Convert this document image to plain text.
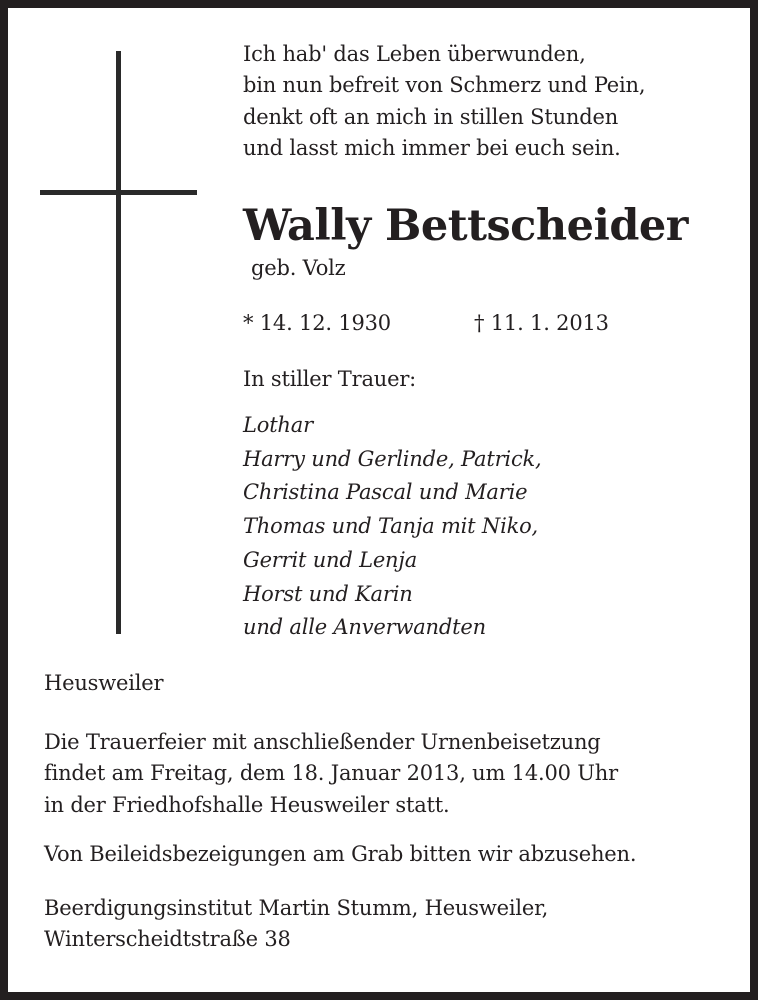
Ich hab' das Leben überwunden,
bin nun befreit von Schmerz und Pein,
denkt oft an mich in stillen Stunden
und lasst mich immer bei euch sein.
Wally Bettscheider
geb. Volz
* 14. 12. 1930	† 11. 1. 2013
In stiller Trauer:
Lothar
Harry und Gerlinde, Patrick,
Christina Pascal und Marie
Thomas und Tanja mit Niko,
Gerrit und Lenja
Horst und Karin
und alle Anverwandten
Heusweiler
Die Trauerfeier mit anschließender Urnenbeisetzung
findet am Freitag, dem 18. Januar 2013, um 14.00 Uhr
in der Friedhofshalle Heusweiler statt.
Von Beileidsbezeigungen am Grab bitten wir abzusehen.
Beerdigungsinstitut Martin Stumm, Heusweiler,
Winterscheidtstraße 38
